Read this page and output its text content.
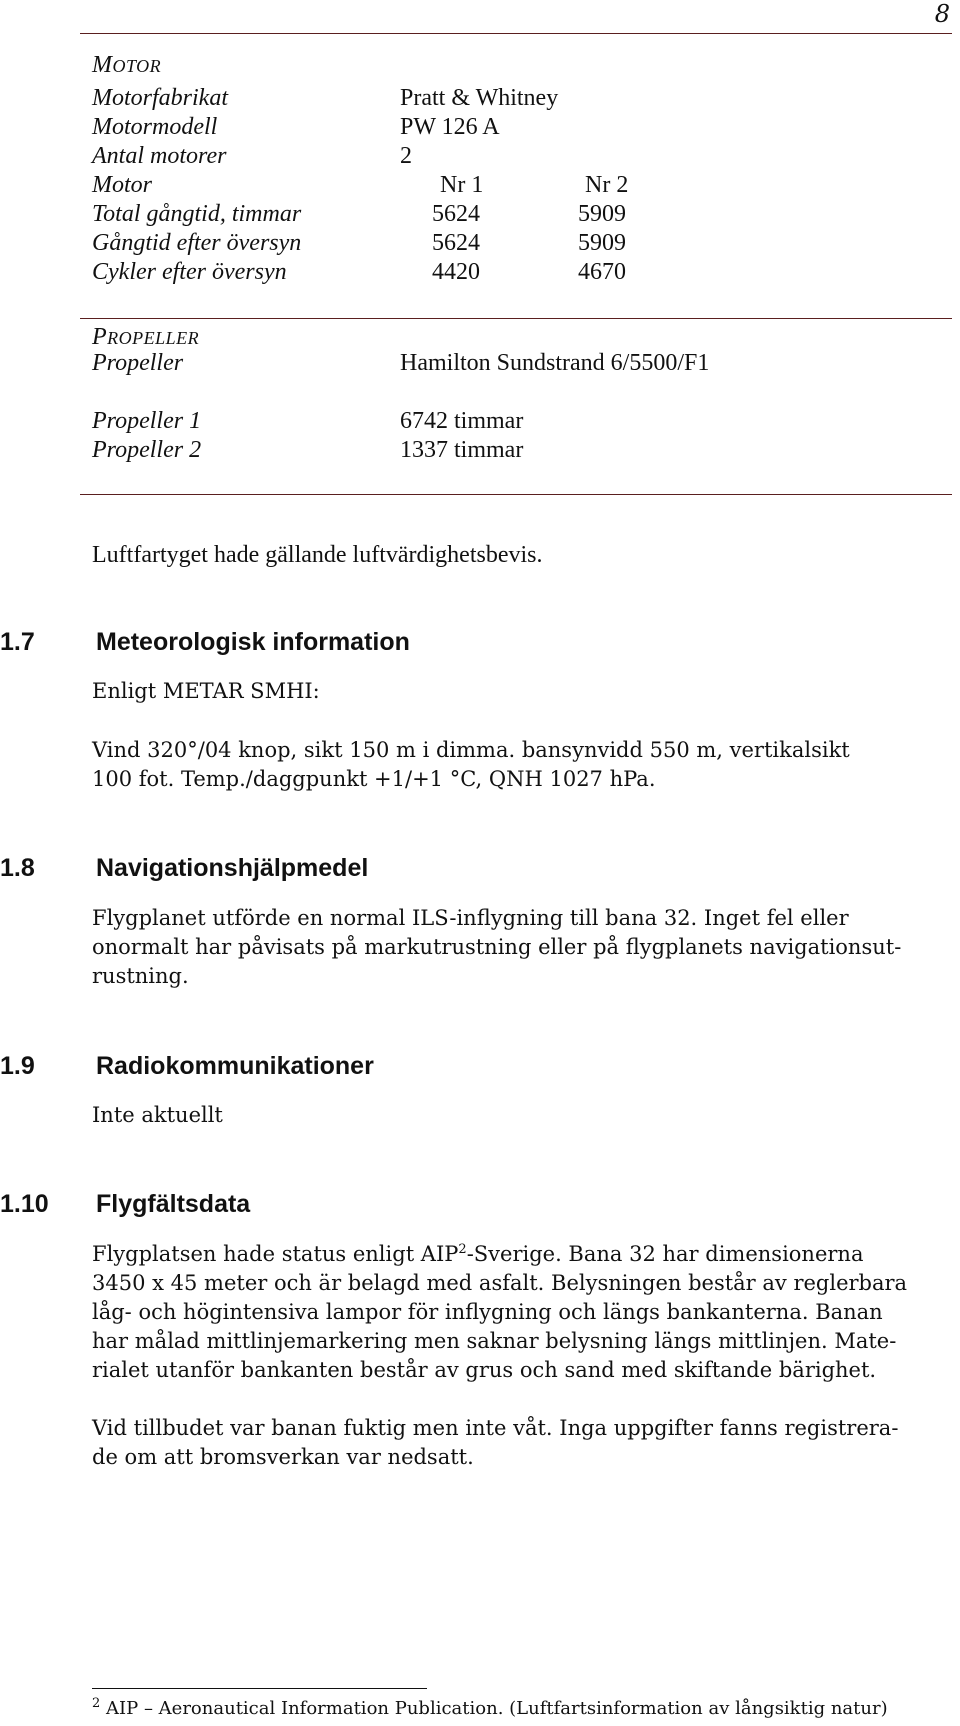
8
MOTOR
Motorfabrikat	Pratt & Whitney
Motormodell	PW 126 A
Antal motorer	2
Motor	Nr 1	Nr 2
Total gångtid, timmar	5624	5909
Gångtid efter översyn	5624	5909
Cykler efter översyn	4420	4670
PROPELLER
Propeller	Hamilton Sundstrand 6/5500/F1
Propeller 1	6742 timmar
Propeller 2	1337 timmar
Luftfartyget hade gällande luftvärdighetsbevis.
1.7 Meteorologisk information
Enligt METAR SMHI:
Vind 320°/04 knop, sikt 150 m i dimma. bansynvidd 550 m, vertikalsikt
100 fot. Temp./daggpunkt +1/+1 °C, QNH 1027 hPa.
1.8 Navigationshjälpmedel
Flygplanet utförde en normal ILS-inflygning till bana 32. Inget fel eller
onormalt har påvisats på markutrustning eller på flygplanets navigationsut-
rustning.
1.9 Radiokommunikationer
Inte aktuellt
1.10 Flygfältsdata
Flygplatsen hade status enligt AIP$^2$-Sverige. Bana 32 har dimensionerna
3450 x 45 meter och är belagd med asfalt. Belysningen består av reglerbara
låg- och högintensiva lampor för inflygning och längs bankanterna. Banan
har målad mittlinjemarkering men saknar belysning längs mittlinjen. Mate-
rialet utanför bankanten består av grus och sand med skiftande bärighet.
Vid tillbudet var banan fuktig men inte våt. Inga uppgifter fanns registrera-
de om att bromsverkan var nedsatt.
$^2$ AIP – Aeronautical Information Publication. (Luftfartsinformation av långsiktig natur)
